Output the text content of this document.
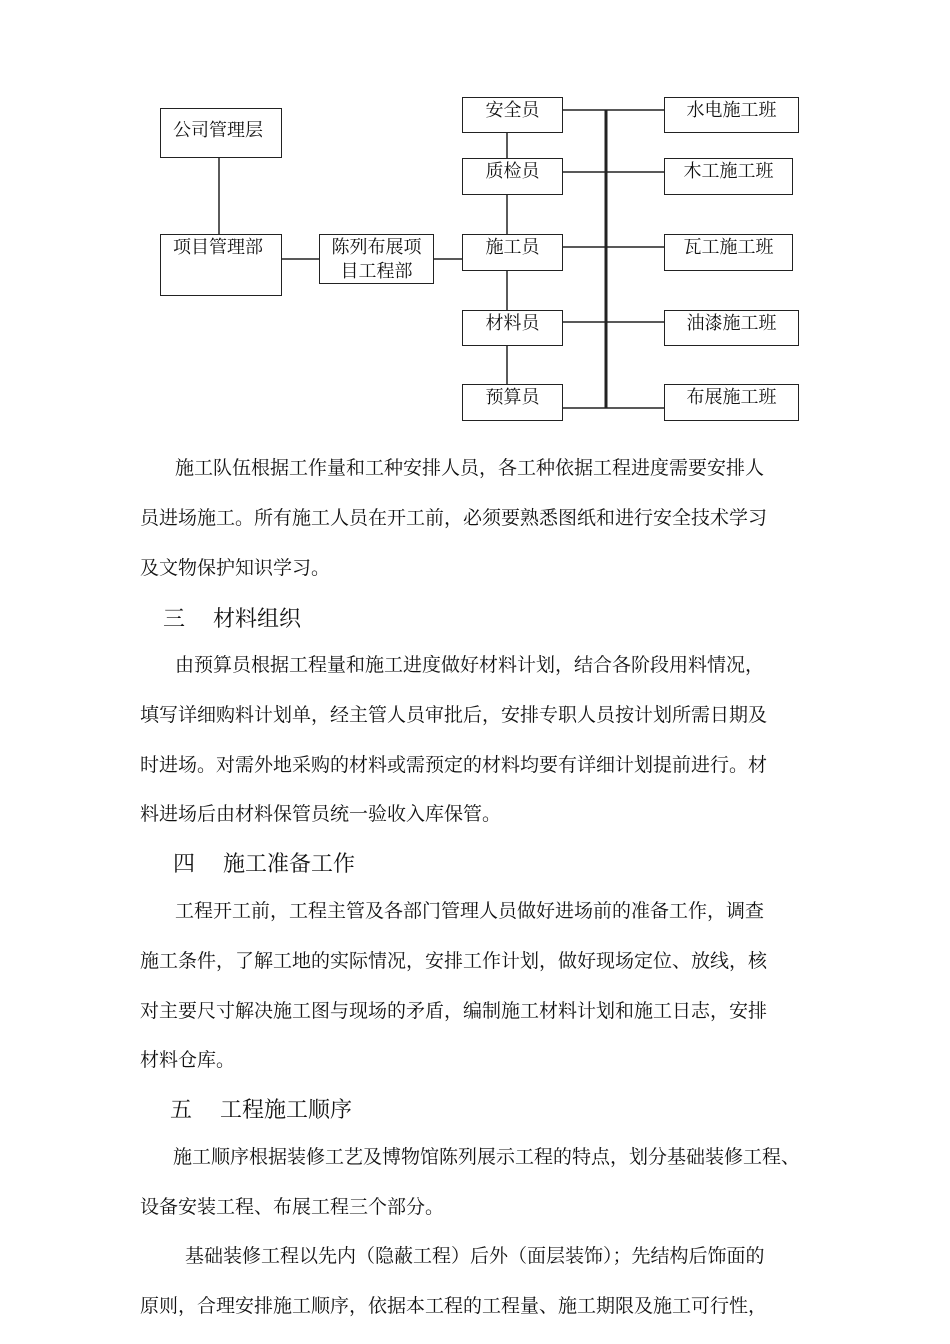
公司管理层
项目管理部	陈列布展项
目工程部
安全员
质检员
施工员
材料员
预算员
水电施工班
木工施工班
瓦工施工班
油漆施工班
布展施工班
施工队伍根据工作量和工种安排人员，各工种依据工程进度需要安排人
员进场施工。所有施工人员在开工前，必须要熟悉图纸和进行安全技术学习
及文物保护知识学习。
三 材料组织
由预算员根据工程量和施工进度做好材料计划，结合各阶段用料情况，
填写详细购料计划单，经主管人员审批后，安排专职人员按计划所需日期及
时进场。对需外地采购的材料或需预定的材料均要有详细计划提前进行。材
料进场后由材料保管员统一验收入库保管。
四 施工准备工作
工程开工前，工程主管及各部门管理人员做好进场前的准备工作，调查
施工条件，了解工地的实际情况，安排工作计划，做好现场定位、放线，核
对主要尺寸解决施工图与现场的矛盾，编制施工材料计划和施工日志，安排
材料仓库。
五 工程施工顺序
施工顺序根据装修工艺及博物馆陈列展示工程的特点，划分基础装修工程、
设备安装工程、布展工程三个部分。
基础装修工程以先内（隐蔽工程）后外（面层装饰）；先结构后饰面的
原则，合理安排施工顺序，依据本工程的工程量、施工期限及施工可行性，
